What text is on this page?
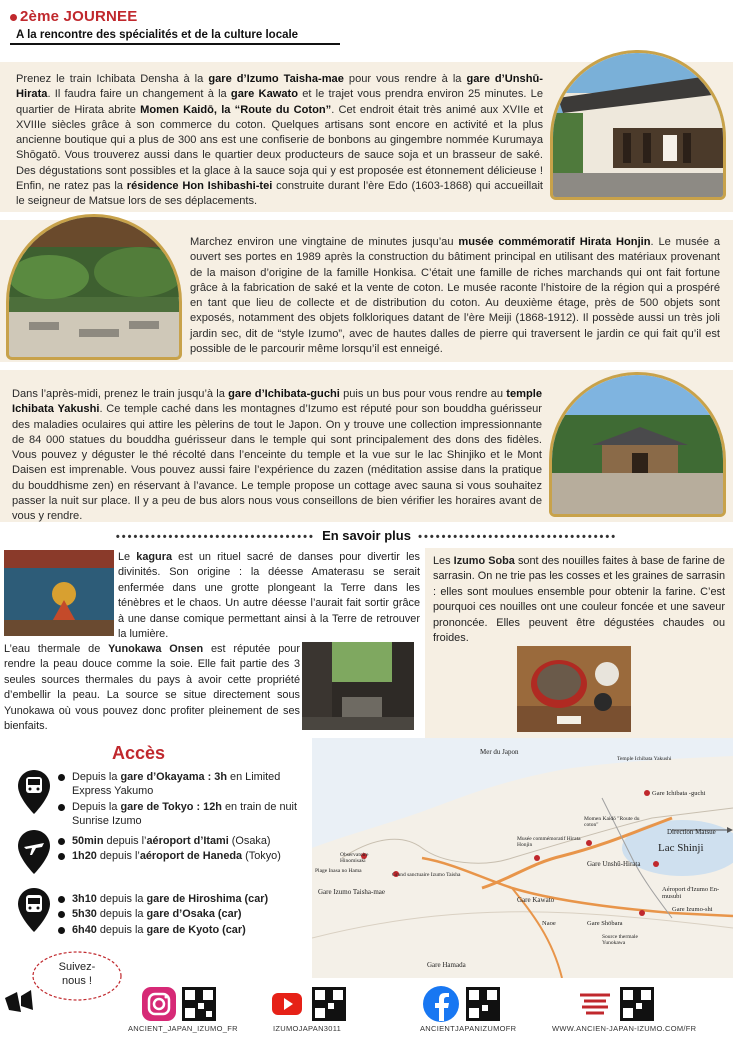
2ème JOURNEE
A la rencontre des spécialités et de la culture locale

Prenez le train Ichibata Densha à la gare d’Izumo Taisha-mae pour vous rendre à la gare d’Unshū-Hirata. Il faudra faire un changement à la gare Kawato et le trajet vous prendra environ 25 minutes. Le quartier de Hirata abrite Momen Kaidō, la “Route du Coton”. Cet endroit était très animé aux XVIIe et XVIIIe siècles grâce à son commerce du coton. Quelques artisans sont encore en activité et la plus ancienne boutique qui a plus de 300 ans est une confiserie de bonbons au gingembre nommée Kurumaya Shōgatō. Vous trouverez aussi dans le quartier deux producteurs de sauce soja et un brasseur de saké. Des dégustations sont possibles et la glace à la sauce soja qui y est proposée est étonnement délicieuse ! Enfin, ne ratez pas la résidence Hon Ishibashi-tei construite durant l’ère Edo (1603-1868) qui accueillait le seigneur de Matsue lors de ses déplacements.

Marchez environ une vingtaine de minutes jusqu’au musée commémoratif Hirata Honjin. Le musée a ouvert ses portes en 1989 après la construction du bâtiment principal en utilisant des matériaux provenant de la maison d’origine de la famille Honkisa. C’était une famille de riches marchands qui ont fait fortune grâce à la fabrication de saké et la vente de coton. Le musée raconte l’histoire de la région qui a prospéré en tant que lieu de collecte et de distribution du coton. Au deuxième étage, près de 500 objets sont exposés, notamment des objets folkloriques datant de l’ère Meiji (1868-1912). Il possède aussi un très joli jardin sec, dit de “style Izumo”, avec de hautes dalles de pierre qui traversent le jardin ce qui fait qu’il est possible de le parcourir même lorsqu’il est enneigé.

Dans l’après-midi, prenez le train jusqu’à la gare d’Ichibata-guchi puis un bus pour vous rendre au temple Ichibata Yakushi. Ce temple caché dans les montagnes d’Izumo est réputé pour son bouddha guérisseur des maladies oculaires qui attire les pèlerins de tout le Japon. On y trouve une collection impressionnante de 84 000 statues du bouddha guérisseur dans le temple qui sont principalement des dons des fidèles. Vous pouvez y déguster le thé récolté dans l’enceinte du temple et la vue sur le lac Shinjiko et le Mont Daisen est imprenable. Vous pouvez aussi faire l’expérience du zazen (méditation assise dans la pratique du bouddhisme zen) en réservant à l’avance. Le temple propose un cottage avec sauna si vous souhaitez passer la nuit sur place. Il y a peu de bus alors nous vous conseillons de bien vérifier les horaires avant de vous y rendre.

•••••••••••••••••••••••••••••••••• En savoir plus ••••••••••••••••••••••••••••••••••

Le kagura est un rituel sacré de danses pour divertir les divinités. Son origine : la déesse Amaterasu se serait enfermée dans une grotte plongeant la Terre dans les ténèbres et le chaos. Un autre déesse l’aurait fait sortir grâce à une danse comique permettant ainsi à la Terre de retrouver la lumière.

L’eau thermale de Yunokawa Onsen est réputée pour rendre la peau douce comme la soie. Elle fait partie des 3 seules sources thermales du pays à avoir cette propriété d’embellir la peau. La source se situe directement sous Yunokawa où vous pouvez donc profiter pleinement de ses bienfaits.

Les Izumo Soba sont des nouilles faites à base de farine de sarrasin. On ne trie pas les cosses et les graines de sarrasin : elles sont moulues ensemble pour obtenir la farine. C’est pourquoi ces nouilles ont une couleur foncée et une saveur prononcée. Elles peuvent être dégustées chaudes ou froides.

Accès
Depuis la gare d’Okayama : 3h en Limited Express Yakumo
Depuis la gare de Tokyo : 12h en train de nuit Sunrise Izumo
50min depuis l’aéroport d’Itami (Osaka)
1h20 depuis l’aéroport de Haneda (Tokyo)
3h10 depuis la gare de Hiroshima (car)
5h30 depuis la gare d’Osaka (car)
6h40 depuis la gare de Kyoto (car)
Mer du Japon
Lac Shinji
Temple Ichibata Yakushi
Gare Ichibata -guchi
Momen Kaidō "Route du coton"
Musée commémoratif Hirata Honjin
Direction Matsue
Gare Unshū-Hirata
Observatoire Hinomisaki
Plage Inasa no Hama
Grand sanctuaire Izumo Taisha
Gare Izumo Taisha-mae	Aéroport d'Izumo En-musubi
Gare Kawato
Gare Izumo-shi
Naoe	Gare Shōbara
Source thermale Yunokawa
Gare Hamada
Suivez-nous !
ANCIENT_JAPAN_IZUMO_FR	IZUMOJAPAN3011	ANCIENTJAPANIZUMOFR	WWW.ANCIEN-JAPAN-IZUMO.COM/FR
